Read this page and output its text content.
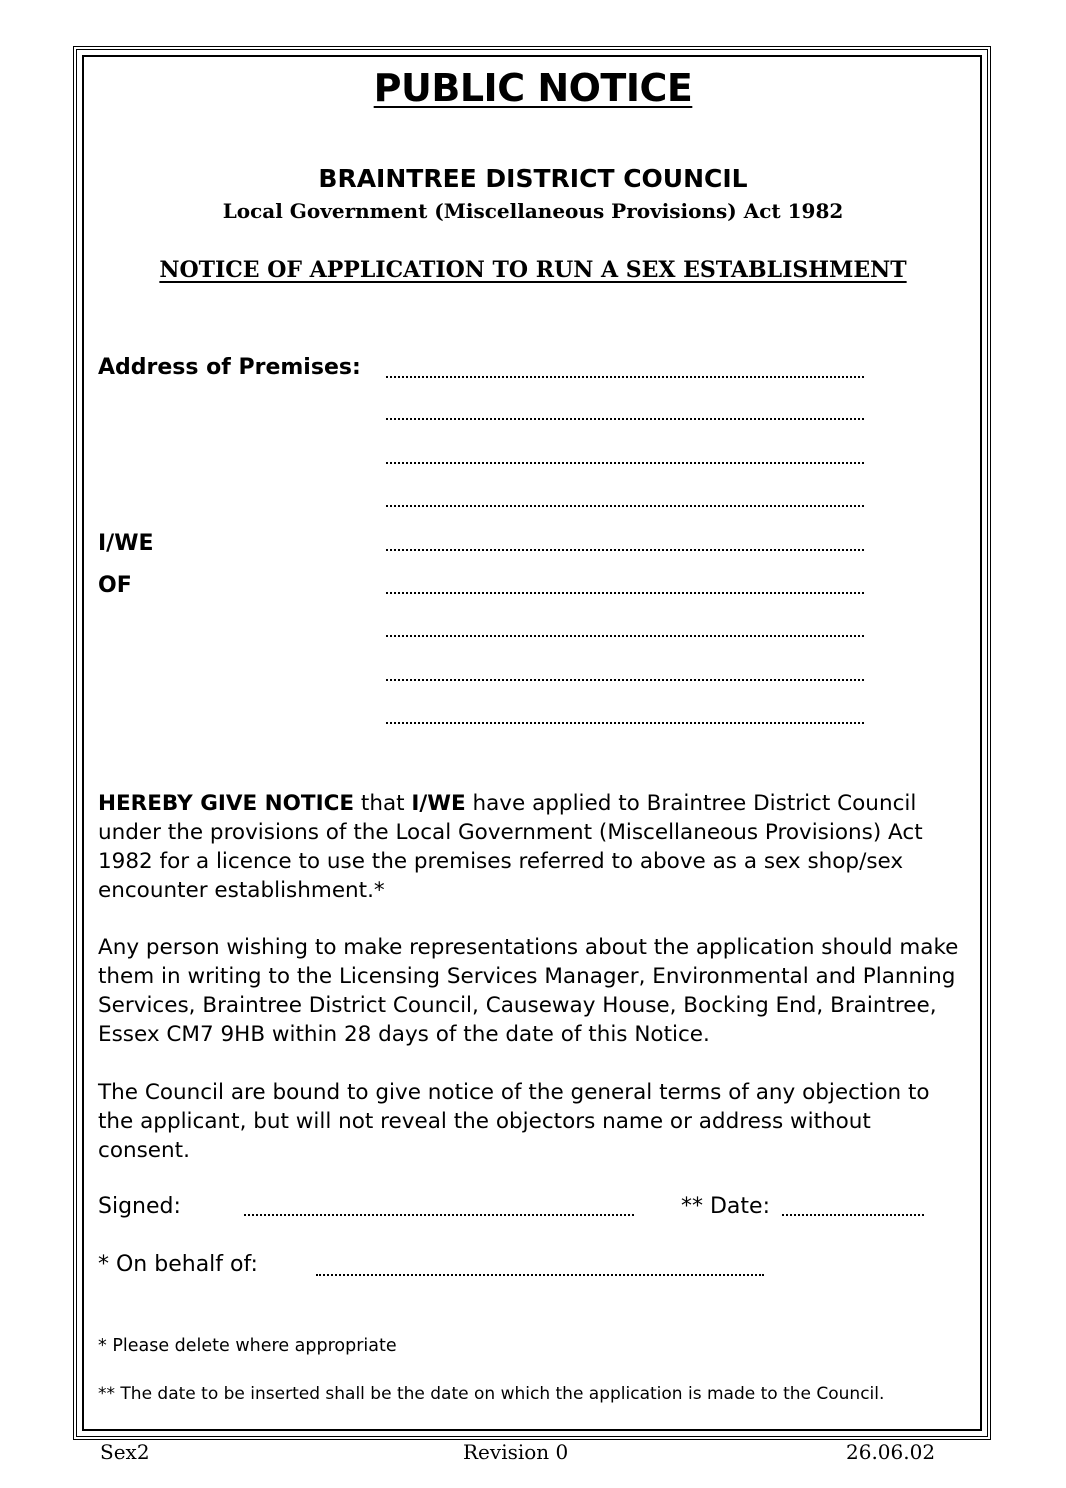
PUBLIC NOTICE
BRAINTREE DISTRICT COUNCIL
Local Government (Miscellaneous Provisions) Act 1982
NOTICE OF APPLICATION TO RUN A SEX ESTABLISHMENT
Address of Premises:
I/WE
OF
HEREBY GIVE NOTICE that I/WE have applied to Braintree District Council under the provisions of the Local Government (Miscellaneous Provisions) Act 1982 for a licence to use the premises referred to above as a sex shop/sex encounter establishment.*
Any person wishing to make representations about the application should make them in writing to the Licensing Services Manager, Environmental and Planning Services, Braintree District Council, Causeway House, Bocking End, Braintree, Essex CM7 9HB within 28 days of the date of this Notice.
The Council are bound to give notice of the general terms of any objection to the applicant, but will not reveal the objectors name or address without consent.
Signed:	** Date:
* On behalf of:
* Please delete where appropriate
** The date to be inserted shall be the date on which the application is made to the Council.
Sex2	Revision 0	26.06.02
